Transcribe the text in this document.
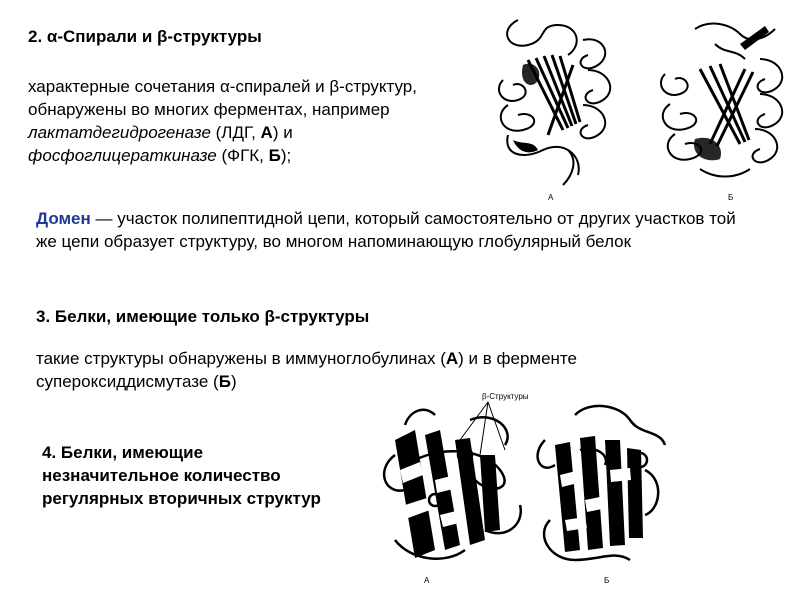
2. α-Спирали и β-структуры
характерные сочетания α-спиралей и β-структур, обнаружены во многих ферментах, например лактатдегидрогеназе (ЛДГ, А) и
фосфоглицераткиназе (ФГК, Б);
Домен — участок полипептидной цепи, который самостоятельно от других участков той же цепи образует структуру, во многом напоминающую глобулярный белок
3. Белки, имеющие только β-структуры
такие структуры обнаружены в иммуноглобулинах (А) и в ферменте супероксиддисмутазе (Б)
4. Белки, имеющие незначительное количество регулярных вторичных структур
А	Б
А
β-Структуры
Б
